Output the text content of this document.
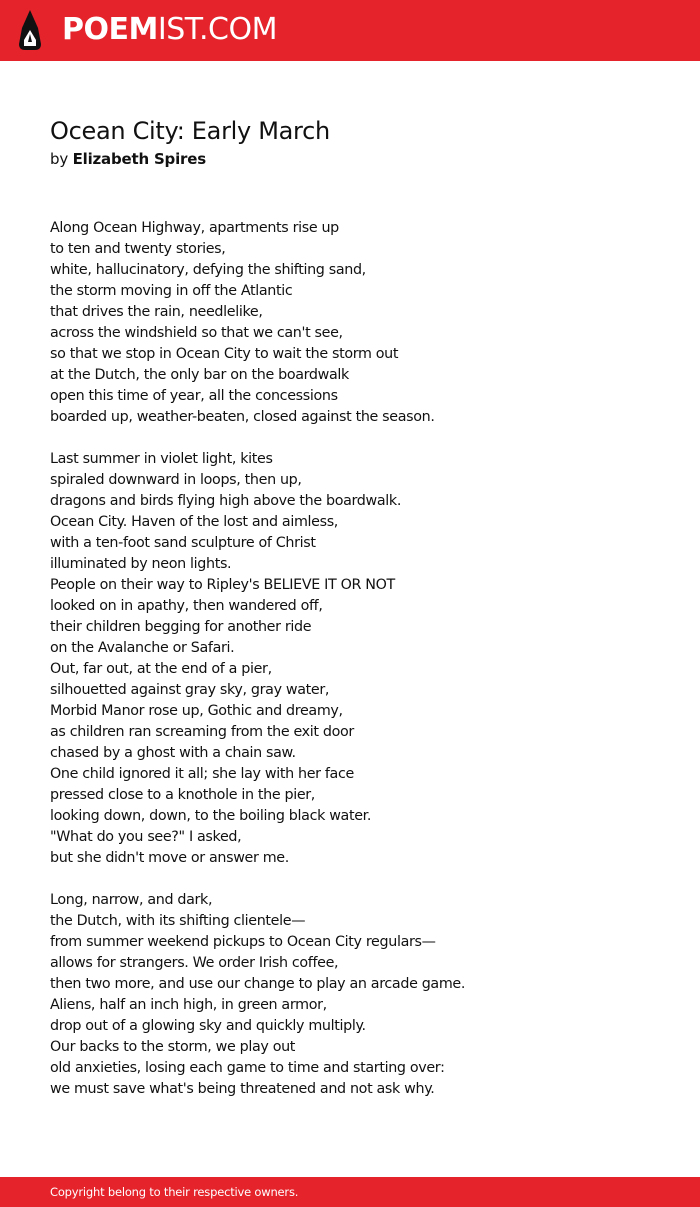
POEMIST.COM
Ocean City: Early March
by Elizabeth Spires
Along Ocean Highway, apartments rise up
to ten and twenty stories,
white, hallucinatory, defying the shifting sand,
the storm moving in off the Atlantic
that drives the rain, needlelike,
across the windshield so that we can't see,
so that we stop in Ocean City to wait the storm out
at the Dutch, the only bar on the boardwalk
open this time of year, all the concessions
boarded up, weather-beaten, closed against the season.
Last summer in violet light, kites
spiraled downward in loops, then up,
dragons and birds flying high above the boardwalk.
Ocean City. Haven of the lost and aimless,
with a ten-foot sand sculpture of Christ
illuminated by neon lights.
People on their way to Ripley's BELIEVE IT OR NOT
looked on in apathy, then wandered off,
their children begging for another ride
on the Avalanche or Safari.
Out, far out, at the end of a pier,
silhouetted against gray sky, gray water,
Morbid Manor rose up, Gothic and dreamy,
as children ran screaming from the exit door
chased by a ghost with a chain saw.
One child ignored it all; she lay with her face
pressed close to a knothole in the pier,
looking down, down, to the boiling black water.
"What do you see?" I asked,
but she didn't move or answer me.
Long, narrow, and dark,
the Dutch, with its shifting clientele—
from summer weekend pickups to Ocean City regulars—
allows for strangers. We order Irish coffee,
then two more, and use our change to play an arcade game.
Aliens, half an inch high, in green armor,
drop out of a glowing sky and quickly multiply.
Our backs to the storm, we play out
old anxieties, losing each game to time and starting over:
we must save what's being threatened and not ask why.
Copyright belong to their respective owners.
